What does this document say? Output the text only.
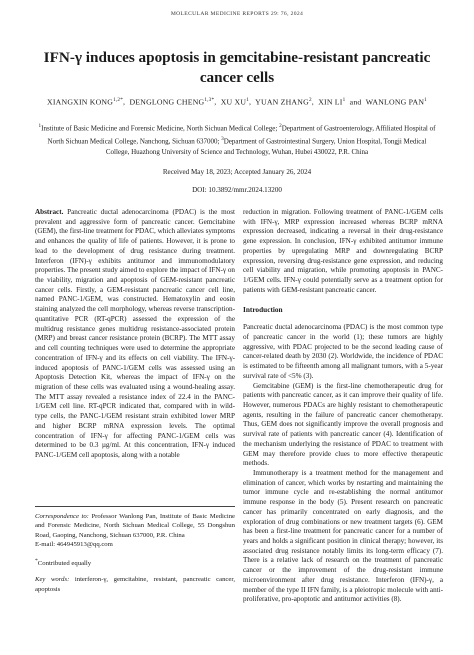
MOLECULAR MEDICINE REPORTS 29: 76, 2024
IFN-γ induces apoptosis in gemcitabine-resistant pancreatic cancer cells
XIANGXIN $KONG^{1,2*}$,  DENGLONG $CHENG^{1,3*}$,  XU $XU^1$,  YUAN ZHANG$^2$,  XIN $LI^1$ and WANLONG PAN$^1$
$^1$Institute of Basic Medicine and Forensic Medicine, North Sichuan Medical College; $^2$Department of Gastroenterology, Affiliated Hospital of North Sichuan Medical College, Nanchong, Sichuan 637000; $^3$Department of Gastrointestinal Surgery, Union Hospital, Tongji Medical College, Huazhong University of Science and Technology, Wuhan, Hubei 430022, P.R. China
Received May 18, 2023; Accepted January 26, 2024
DOI: 10.3892/mmr.2024.13200

Abstract. Pancreatic ductal adenocarcinoma (PDAC) is the most prevalent and aggressive form of pancreatic cancer. Gemcitabine (GEM), the first-line treatment for PDAC, which alleviates symptoms and enhances the quality of life of patients. However, it is prone to lead to the development of drug resistance during treatment. Interferon (IFN)-γ exhibits antitumor and immunomodulatory properties. The present study aimed to explore the impact of IFN-γ on the viability, migration and apoptosis of GEM-resistant pancreatic cancer cells. Firstly, a GEM-resistant pancreatic cancer cell line, named PANC-1/GEM, was constructed. Hematoxylin and eosin staining analyzed the cell morphology, whereas reverse transcription-quantitative PCR (RT-qPCR) assessed the expression of the multidrug resistance genes multidrug resistance-associated protein (MRP) and breast cancer resistance protein (BCRP). The MTT assay and cell counting techniques were used to determine the appropriate concentration of IFN-γ and its effects on cell viability. The IFN-γ-induced apoptosis of PANC-1/GEM cells was assessed using an Apoptosis Detection Kit, whereas the impact of IFN-γ on the migration of these cells was evaluated using a wound-healing assay. The MTT assay revealed a resistance index of 22.4 in the PANC-1/GEM cell line. RT-qPCR indicated that, compared with in wild-type cells, the PANC-1/GEM resistant strain exhibited lower MRP and higher BCRP mRNA expression levels. The optimal concentration of IFN-γ for affecting PANC-1/GEM cells was determined to be 0.3 µg/ml. At this concentration, IFN-γ induced PANC-1/GEM cell apoptosis, along with a notable

Correspondence to: Professor Wanlong Pan, Institute of Basic Medicine and Forensic Medicine, North Sichuan Medical College, 55 Dongshun Road, Gaoping, Nanchong, Sichuan 637000, P.R. China

E-mail: 464945913@qq.com

*Contributed equally

Key words: interferon-γ, gemcitabine, resistant, pancreatic cancer, apoptosis

reduction in migration. Following treatment of PANC-1/GEM cells with IFN-γ, MRP expression increased whereas BCRP mRNA expression decreased, indicating a reversal in their drug-resistance gene expression. In conclusion, IFN-γ exhibited antitumor immune properties by upregulating MRP and downregulating BCRP expression, reversing drug-resistance gene expression, and reducing cell viability and migration, while promoting apoptosis in PANC-1/GEM cells. IFN-γ could potentially serve as a treatment option for patients with GEM-resistant pancreatic cancer.

Introduction

Pancreatic ductal adenocarcinoma (PDAC) is the most common type of pancreatic cancer in the world (1); these tumors are highly aggressive, with PDAC projected to be the second leading cause of cancer-related death by 2030 (2). Worldwide, the incidence of PDAC is estimated to be fifteenth among all malignant tumors, with a 5-year survival rate of <5% (3).

Gemcitabine (GEM) is the first-line chemotherapeutic drug for patients with pancreatic cancer, as it can improve their quality of life. However, numerous PDACs are highly resistant to chemotherapeutic agents, resulting in the failure of pancreatic cancer chemotherapy. Thus, GEM does not significantly improve the overall prognosis and survival rate of patients with pancreatic cancer (4). Identification of the mechanism underlying the resistance of PDAC to treatment with GEM may therefore provide clues to more effective therapeutic methods.

Immunotherapy is a treatment method for the management and elimination of cancer, which works by restarting and maintaining the tumor immune cycle and re-establishing the normal antitumor immune response in the body (5). Present research on pancreatic cancer has primarily concentrated on early diagnosis, and the exploration of drug combinations or new treatment targets (6). GEM has been a first-line treatment for pancreatic cancer for a number of years and holds a significant position in clinical therapy; however, its associated drug resistance notably limits its long-term efficacy (7). There is a relative lack of research on the treatment of pancreatic cancer or the improvement of the drug-resistant immune microenvironment after drug resistance. Interferon (IFN)-γ, a member of the type II IFN family, is a pleiotropic molecule with anti-proliferative, pro-apoptotic and antitumor activities (8).
